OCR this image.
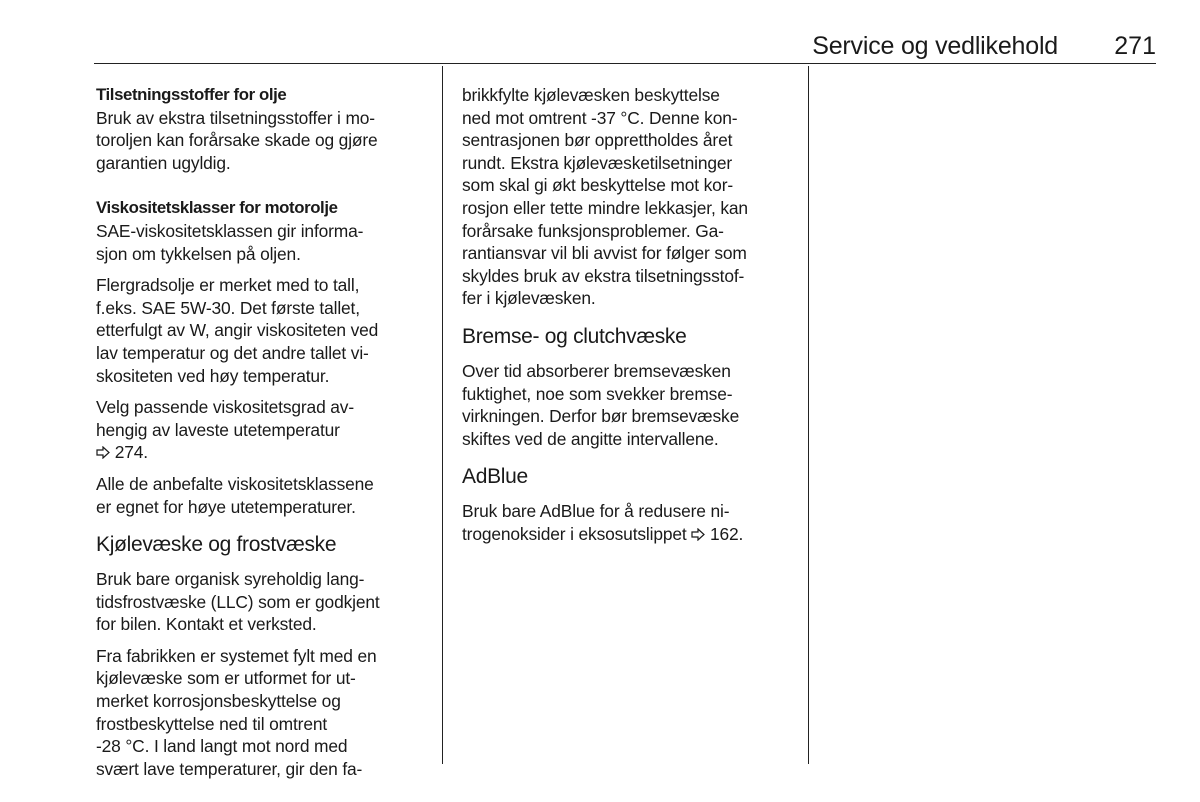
Service og vedlikehold 271
Tilsetningsstoffer for olje
Bruk av ekstra tilsetningsstoffer i mo-
toroljen kan forårsake skade og gjøre
garantien ugyldig.
Viskositetsklasser for motorolje
SAE-viskositetsklassen gir informa-
sjon om tykkelsen på oljen.
Flergradsolje er merket med to tall,
f.eks. SAE 5W-30. Det første tallet,
etterfulgt av W, angir viskositeten ved
lav temperatur og det andre tallet vi-
skositeten ved høy temperatur.
Velg passende viskositetsgrad av-
hengig av laveste utetemperatur
274.
Alle de anbefalte viskositetsklassene
er egnet for høye utetemperaturer.
Kjølevæske og frostvæske
Bruk bare organisk syreholdig lang-
tidsfrostvæske (LLC) som er godkjent
for bilen. Kontakt et verksted.
Fra fabrikken er systemet fylt med en
kjølevæske som er utformet for ut-
merket korrosjonsbeskyttelse og
frostbeskyttelse ned til omtrent
-28 °C. I land langt mot nord med
svært lave temperaturer, gir den fa-
brikkfylte kjølevæsken beskyttelse
ned mot omtrent -37 °C. Denne kon-
sentrasjonen bør opprettholdes året
rundt. Ekstra kjølevæsketilsetninger
som skal gi økt beskyttelse mot kor-
rosjon eller tette mindre lekkasjer, kan
forårsake funksjonsproblemer. Ga-
rantiansvar vil bli avvist for følger som
skyldes bruk av ekstra tilsetningsstof-
fer i kjølevæsken.
Bremse- og clutchvæske
Over tid absorberer bremsevæsken
fuktighet, noe som svekker bremse-
virkningen. Derfor bør bremsevæske
skiftes ved de angitte intervallene.
AdBlue
Bruk bare AdBlue for å redusere ni-
trogenoksider i eksosutslippet 162.
